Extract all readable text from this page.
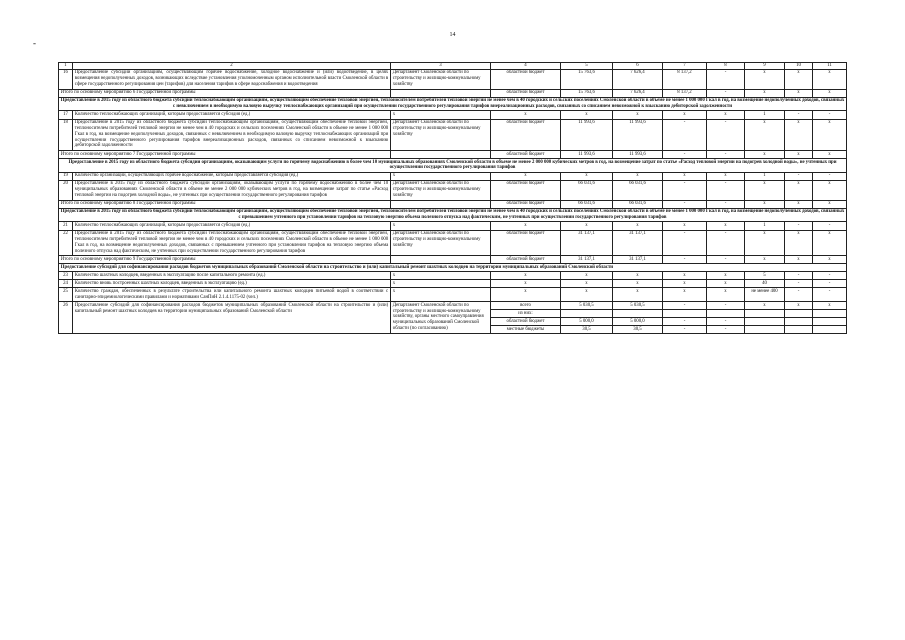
14
-
1	2	3	4	5	6	7	8	9	10	11
16	Предоставление субсидий организациям, осуществляющим горячее водоснабжение, холодное водоснабжение и (или) водоотведение, в целях возмещения недополученных доходов, возникающих вследствие установления уполномоченным органом исполнительной власти Смоленской области в сфере государственного регулирования цен (тарифов) для населения тарифов в сфере водоснабжения и водоотведения	Департамент Смоленской области по строительству и жилищно-коммунальному хозяйству	областной бюджет	15 763,6	7 626,4	8 137,2	-	х	х	х
Итого по основному мероприятию 6 Государственной программы			областной бюджет	15 763,6	7 626,4	8 137,2	-	х	х	х
Предоставление в 2015 году из областного бюджета субсидии теплоснабжающим организациям, осуществляющим обеспечение тепловой энергией, теплоносителем потребителей тепловой энергии не менее чем в 40 городских и сельских поселениях Смоленской области в объеме не менее 1 000 000 Гкал в год, на возмещение недополученных доходов, связанных с невключением в необходимую валовую выручку теплоснабжающих организаций при осуществлении государственного регулирования тарифов внереализационных расходов, связанных со списанием невозможной к взысканию дебиторской задолженности										
17	Количество теплоснабжающих организаций, которым предоставляется субсидия (ед.)	х	х	х	х	х	х	1	-	-
18	Предоставление в 2015 году из областного бюджета субсидии теплоснабжающим организациям, осуществляющим обеспечение тепловой энергией, теплоносителем потребителей тепловой энергии не менее чем в 40 городских и сельских поселениях Смоленской области в объеме не менее 1 000 000 Гкал в год, на возмещение недополученных доходов, связанных с невключением в необходимую валовую выручку теплоснабжающих организаций при осуществлении государственного регулирования тарифов внереализационных расходов, связанных со списанием невозможной к взысканию дебиторской задолженности	Департамент Смоленской области по строительству и жилищно-коммунальному хозяйству	областной бюджет	11 993,6	11 993,6	-	-	х	х	х
Итого по основному мероприятию 7 Государственной программы			областной бюджет	11 993,6	11 993,6	-	-	х	х	х
Предоставление в 2015 году из областного бюджета субсидии организациям, оказывающим услуги по горячему водоснабжению в более чем 10 муниципальных образованиях Смоленской области в объеме не менее 2 000 000 кубических метров в год, на возмещение затрат по статье «Расход тепловой энергии на подогрев холодной воды», не учтенных при осуществлении государственного регулирования тарифов										
19	Количество организаций, осуществляющих горячее водоснабжение, которым предоставляется субсидия (ед.)	х	х	х	х	х	х	1	-	-
20	Предоставление в 2015 году из областного бюджета субсидии организациям, оказывающим услуги по горячему водоснабжению в более чем 10 муниципальных образованиях Смоленской области в объеме не менее 2 000 000 кубических метров в год, на возмещение затрат по статье «Расход тепловой энергии на подогрев холодной воды», не учтенных при осуществлении государственного регулирования тарифов	Департамент Смоленской области по строительству и жилищно-коммунальному хозяйству	областной бюджет	66 031,6	66 031,6	-	-	х	х	х
Итого по основному мероприятию 8 Государственной программы			областной бюджет	66 031,6	66 031,6	-	-	х	х	х
Предоставление в 2015 году из областного бюджета субсидии теплоснабжающим организациям, осуществляющим обеспечение тепловой энергией, теплоносителем потребителей тепловой энергии не менее чем в 40 городских и сельских поселениях Смоленской области в объеме не менее 1 000 000 Гкал в год, на возмещение недополученных доходов, связанных с превышением учтенного при установлении тарифов на тепловую энергию объема полезного отпуска над фактическим, не учтенных при осуществлении государственного регулирования тарифов										
21	Количество теплоснабжающих организаций, которым предоставляется субсидия (ед.)	х	х	х	х	х	х	1	-	-
22	Предоставление в 2015 году из областного бюджета субсидии теплоснабжающим организациям, осуществляющим обеспечение тепловой энергией, теплоносителем потребителей тепловой энергии не менее чем в 40 городских и сельских поселениях Смоленской области в объеме не менее 1 000 000 Гкал в год, на возмещение недополученных доходов, связанных с превышением учтенного при установлении тарифов на тепловую энергию объема полезного отпуска над фактическим, не учтенных при осуществлении государственного регулирования тарифов	Департамент Смоленской области по строительству и жилищно-коммунальному хозяйству	областной бюджет	31 137,1	31 137,1	-	-	х	х	х
Итого по основному мероприятию 9 Государственной программы			областной бюджет	31 137,1	31 137,1	-	-	х	х	х
Предоставление субсидий для софинансирования расходов бюджетов муниципальных образований Смоленской области на строительство и (или) капитальный ремонт шахтных колодцев на территории муниципальных образований Смоленской области										
23	Количество шахтных колодцев, введенных в эксплуатацию после капитального ремонта (ед.)	х	х	х	х	х	х	5	-	-
24	Количество вновь построенных шахтных колодцев, введенных в эксплуатацию (ед.)	х	х	х	х	х	х	40	-	-
25	Количество граждан, обеспеченных в результате строительства или капитального ремонта шахтных колодцев питьевой водой в соответствии с санитарно-эпидемиологическими правилами и нормативами СанПиН 2.1.4.1175-02 (чел.)	х	х	х	х	х	х	не менее 400	-	-
26	Предоставление субсидий для софинансирования расходов бюджетов муниципальных образований Смоленской области на строительство и (или) капитальный ремонт шахтных колодцев на территории муниципальных образований Смоленской области	Департамент Смоленской области по строительству и жилищно-коммунальному хозяйству, органы местного самоуправления муниципальных образований Смоленской области (по согласованию)	всего	5 030,5	5 030,5	-	-	х	х	х
			из них:							
			областной бюджет	5 000,0	5 000,0	-	-			
			местные бюджеты	30,5	30,5	-	-			
